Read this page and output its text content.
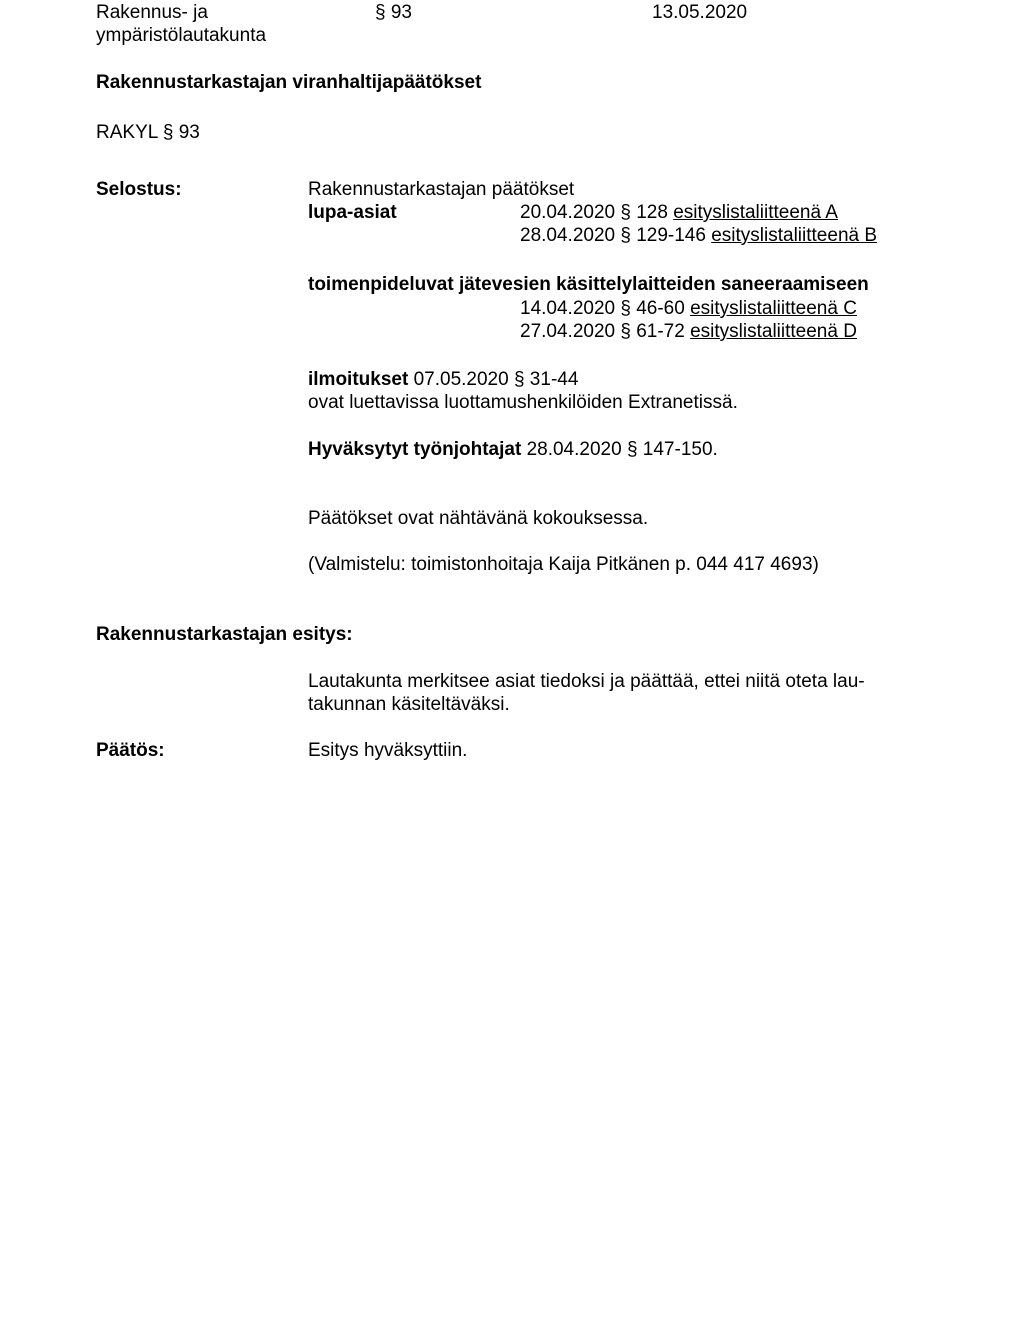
Rakennus- ja
ympäristölautakunta
§ 93	13.05.2020
Rakennustarkastajan viranhaltijapäätökset
RAKYL § 93
Selostus:	Rakennustarkastajan päätökset
lupa-asiat	20.04.2020 § 128 esityslistaliitteenä A
28.04.2020 § 129-146 esityslistaliitteenä B
toimenpideluvat jätevesien käsittelylaitteiden saneeraamiseen
14.04.2020 § 46-60 esityslistaliitteenä C
27.04.2020 § 61-72 esityslistaliitteenä D
ilmoitukset 07.05.2020 § 31-44
ovat luettavissa luottamushenkilöiden Extranetissä.
Hyväksytyt työnjohtajat 28.04.2020 § 147-150.
Päätökset ovat nähtävänä kokouksessa.
(Valmistelu: toimistonhoitaja Kaija Pitkänen p. 044 417 4693)
Rakennustarkastajan esitys:
Lautakunta merkitsee asiat tiedoksi ja päättää, ettei niitä oteta lau-
takunnan käsiteltäväksi.
Päätös:	Esitys hyväksyttiin.
